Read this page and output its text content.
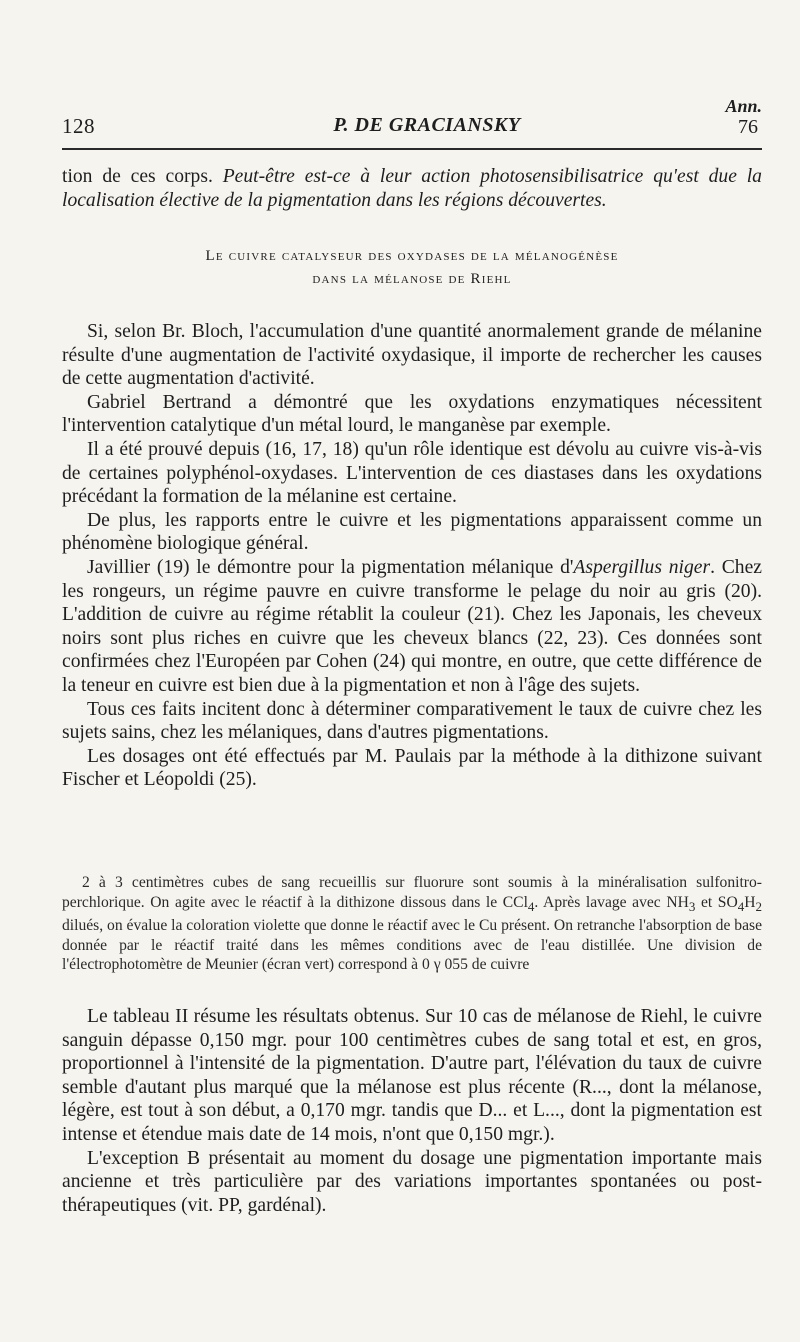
128	P. DE GRACIANSKY
Ann.
76

tion de ces corps. Peut-être est-ce à leur action photosensibilisatrice qu'est due la localisation élective de la pigmentation dans les régions découvertes.

Le cuivre catalyseur des oxydases de la mélanogénèse
dans la mélanose de Riehl

Si, selon Br. Bloch, l'accumulation d'une quantité anormalement grande de mélanine résulte d'une augmentation de l'activité oxydasique, il importe de rechercher les causes de cette augmentation d'activité.

Gabriel Bertrand a démontré que les oxydations enzymatiques nécessitent l'intervention catalytique d'un métal lourd, le manganèse par exemple.

Il a été prouvé depuis (16, 17, 18) qu'un rôle identique est dévolu au cuivre vis-à-vis de certaines polyphénol-oxydases. L'intervention de ces diastases dans les oxydations précédant la formation de la mélanine est certaine.

De plus, les rapports entre le cuivre et les pigmentations apparaissent comme un phénomène biologique général.

Javillier (19) le démontre pour la pigmentation mélanique d'Aspergillus niger. Chez les rongeurs, un régime pauvre en cuivre transforme le pelage du noir au gris (20). L'addition de cuivre au régime rétablit la couleur (21). Chez les Japonais, les cheveux noirs sont plus riches en cuivre que les cheveux blancs (22, 23). Ces données sont confirmées chez l'Européen par Cohen (24) qui montre, en outre, que cette différence de la teneur en cuivre est bien due à la pigmentation et non à l'âge des sujets.

Tous ces faits incitent donc à déterminer comparativement le taux de cuivre chez les sujets sains, chez les mélaniques, dans d'autres pigmentations.

Les dosages ont été effectués par M. Paulais par la méthode à la dithizone suivant Fischer et Léopoldi (25).

2 à 3 centimètres cubes de sang recueillis sur fluorure sont soumis à la minéralisation sulfonitro-perchlorique. On agite avec le réactif à la dithizone dissous dans le CCl$_4$. Après lavage avec $NH_3$ et $SO_4H_2$ dilués, on évalue la coloration violette que donne le réactif avec le Cu présent. On retranche l'absorption de base donnée par le réactif traité dans les mêmes conditions avec de l'eau distillée. Une division de l'électrophotomètre de Meunier (écran vert) correspond à 0 γ 055 de cuivre

Le tableau II résume les résultats obtenus. Sur 10 cas de mélanose de Riehl, le cuivre sanguin dépasse 0,150 mgr. pour 100 centimètres cubes de sang total et est, en gros, proportionnel à l'intensité de la pigmentation. D'autre part, l'élévation du taux de cuivre semble d'autant plus marqué que la mélanose est plus récente (R..., dont la mélanose, légère, est tout à son début, a 0,170 mgr. tandis que D... et L..., dont la pigmentation est intense et étendue mais date de 14 mois, n'ont que 0,150 mgr.).

L'exception B présentait au moment du dosage une pigmentation importante mais ancienne et très particulière par des variations importantes spontanées ou post-thérapeutiques (vit. PP, gardénal).
